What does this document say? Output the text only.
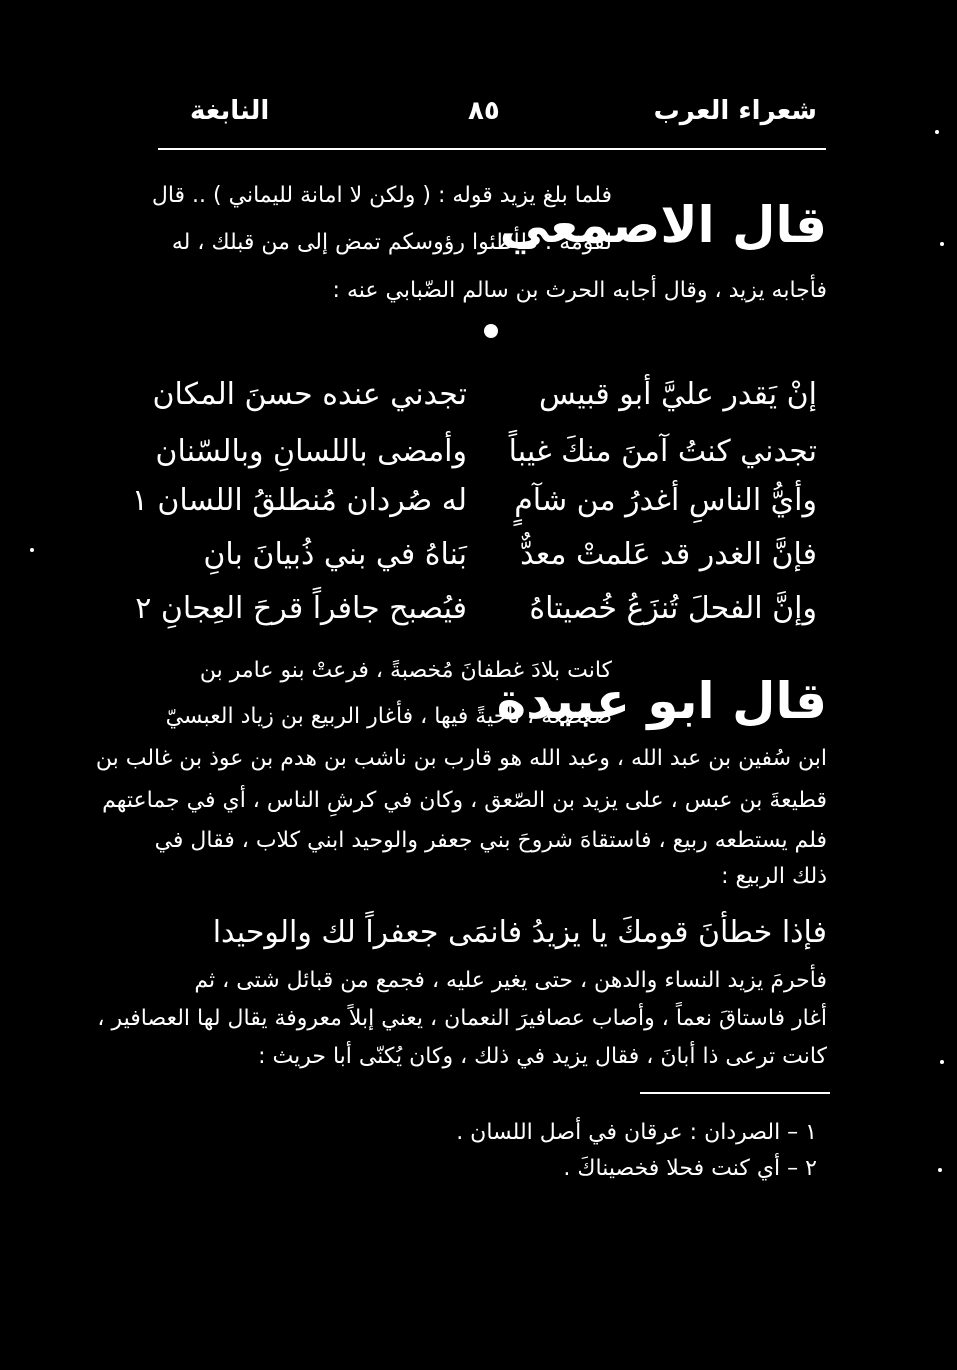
شعراء العرب
٨٥
النابغة
قال الاصمعي
فلما بلغ يزيد قوله : ( ولكن لا امانة لليماني ) .. قال
لقومه : طأطئوا رؤوسكم تمض إلى من قبلك ، له
فأجابه يزيد ، وقال أجابه الحرث بن سالم الضّبابي عنه :
إنْ يَقدر عليَّ أبو قبيس
تجدني عنده حسنَ المكان
تجدني كنتُ آمنَ منكَ غيباً
وأمضى باللسانِ وبالسّنان
وأيُّ الناسِ أغدرُ من شآمٍ
له صُردان مُنطلقُ اللسان ١
فإنَّ الغدر قد عَلمتْ معدٌّ
بَناهُ في بني ذُبيانَ بانِ
وإنَّ الفحلَ تُنزَعُ خُصيتاهُ
فيُصبح جافراً قرحَ العِجانِ ٢
قال ابو عبيدة
كانت بلادَ غطفانَ مُخصبةً ، فرعتْ بنو عامر بن
صعصعةَ ، ناحيةً فيها ، فأغار الربيع بن زياد العبسيّ
ابن سُفين بن عبد الله ، وعبد الله هو قارب بن ناشب بن هدم بن عوذ بن غالب بن
قطيعةَ بن عبس ، على يزيد بن الصّعق ، وكان في كرشِ الناس ، أي في جماعتهم
فلم يستطعه ربيع ، فاستقاهَ شروحَ بني جعفر والوحيد ابني كلاب ، فقال في
ذلك الربيع :
فإذا خطأنَ قومكَ يا يزيدُ فانمَى جعفراً لك والوحيدا
فأحرمَ يزيد النساء والدهن ، حتى يغير عليه ، فجمع من قبائل شتى ، ثم
أغار فاستاقَ نعماً ، وأصاب عصافيرَ النعمان ، يعني إبلاً معروفة يقال لها العصافير ،
كانت ترعى ذا أبانَ ، فقال يزيد في ذلك ، وكان يُكنّى أبا حريث :
١ – الصردان : عرقان في أصل اللسان .
٢ – أي كنت فحلا فخصيناكَ .
